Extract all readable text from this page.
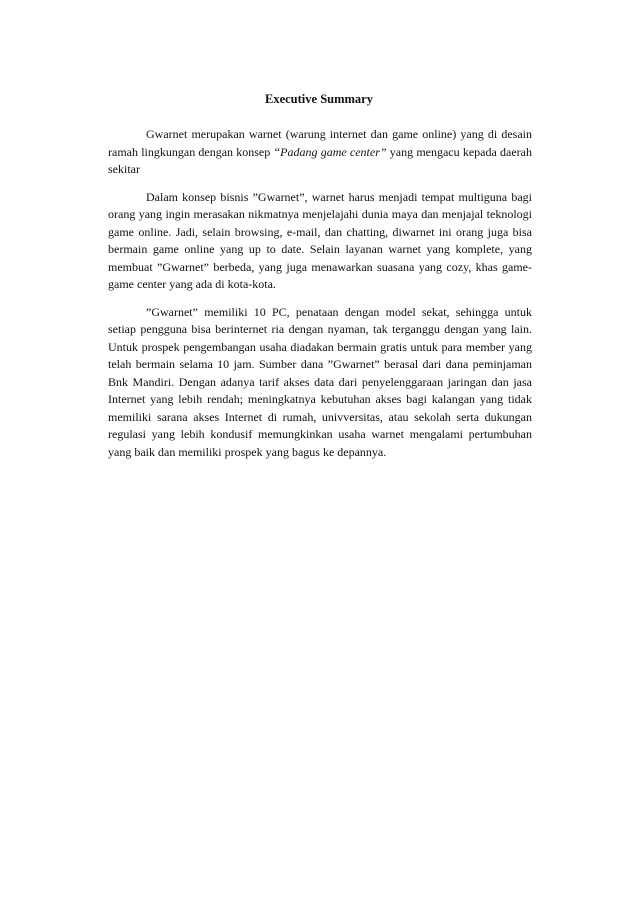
Executive Summary

Gwarnet merupakan warnet (warung internet dan game online) yang di desain ramah lingkungan dengan konsep “Padang game center” yang mengacu kepada daerah sekitar

Dalam konsep bisnis ”Gwarnet”, warnet harus menjadi tempat multiguna bagi orang yang ingin merasakan nikmatnya menjelajahi dunia maya dan menjajal teknologi game online. Jadi, selain browsing, e-mail, dan chatting, diwarnet ini orang juga bisa bermain game online yang up to date. Selain layanan warnet yang komplete, yang membuat ”Gwarnet” berbeda, yang juga menawarkan suasana yang cozy, khas game-game center yang ada di kota-kota.

”Gwarnet” memiliki 10 PC, penataan dengan model sekat, sehingga untuk setiap pengguna bisa berinternet ria dengan nyaman, tak terganggu dengan yang lain. Untuk prospek pengembangan usaha diadakan bermain gratis untuk para member yang telah bermain selama 10 jam. Sumber dana ”Gwarnet” berasal dari dana peminjaman Bnk Mandiri. Dengan adanya tarif akses data dari penyelenggaraan jaringan dan jasa Internet yang lebih rendah; meningkatnya kebutuhan akses bagi kalangan yang tidak memiliki sarana akses Internet di rumah, univversitas, atau sekolah serta dukungan regulasi yang lebih kondusif memungkinkan usaha warnet mengalami pertumbuhan yang baik dan memiliki prospek yang bagus ke depannya.
